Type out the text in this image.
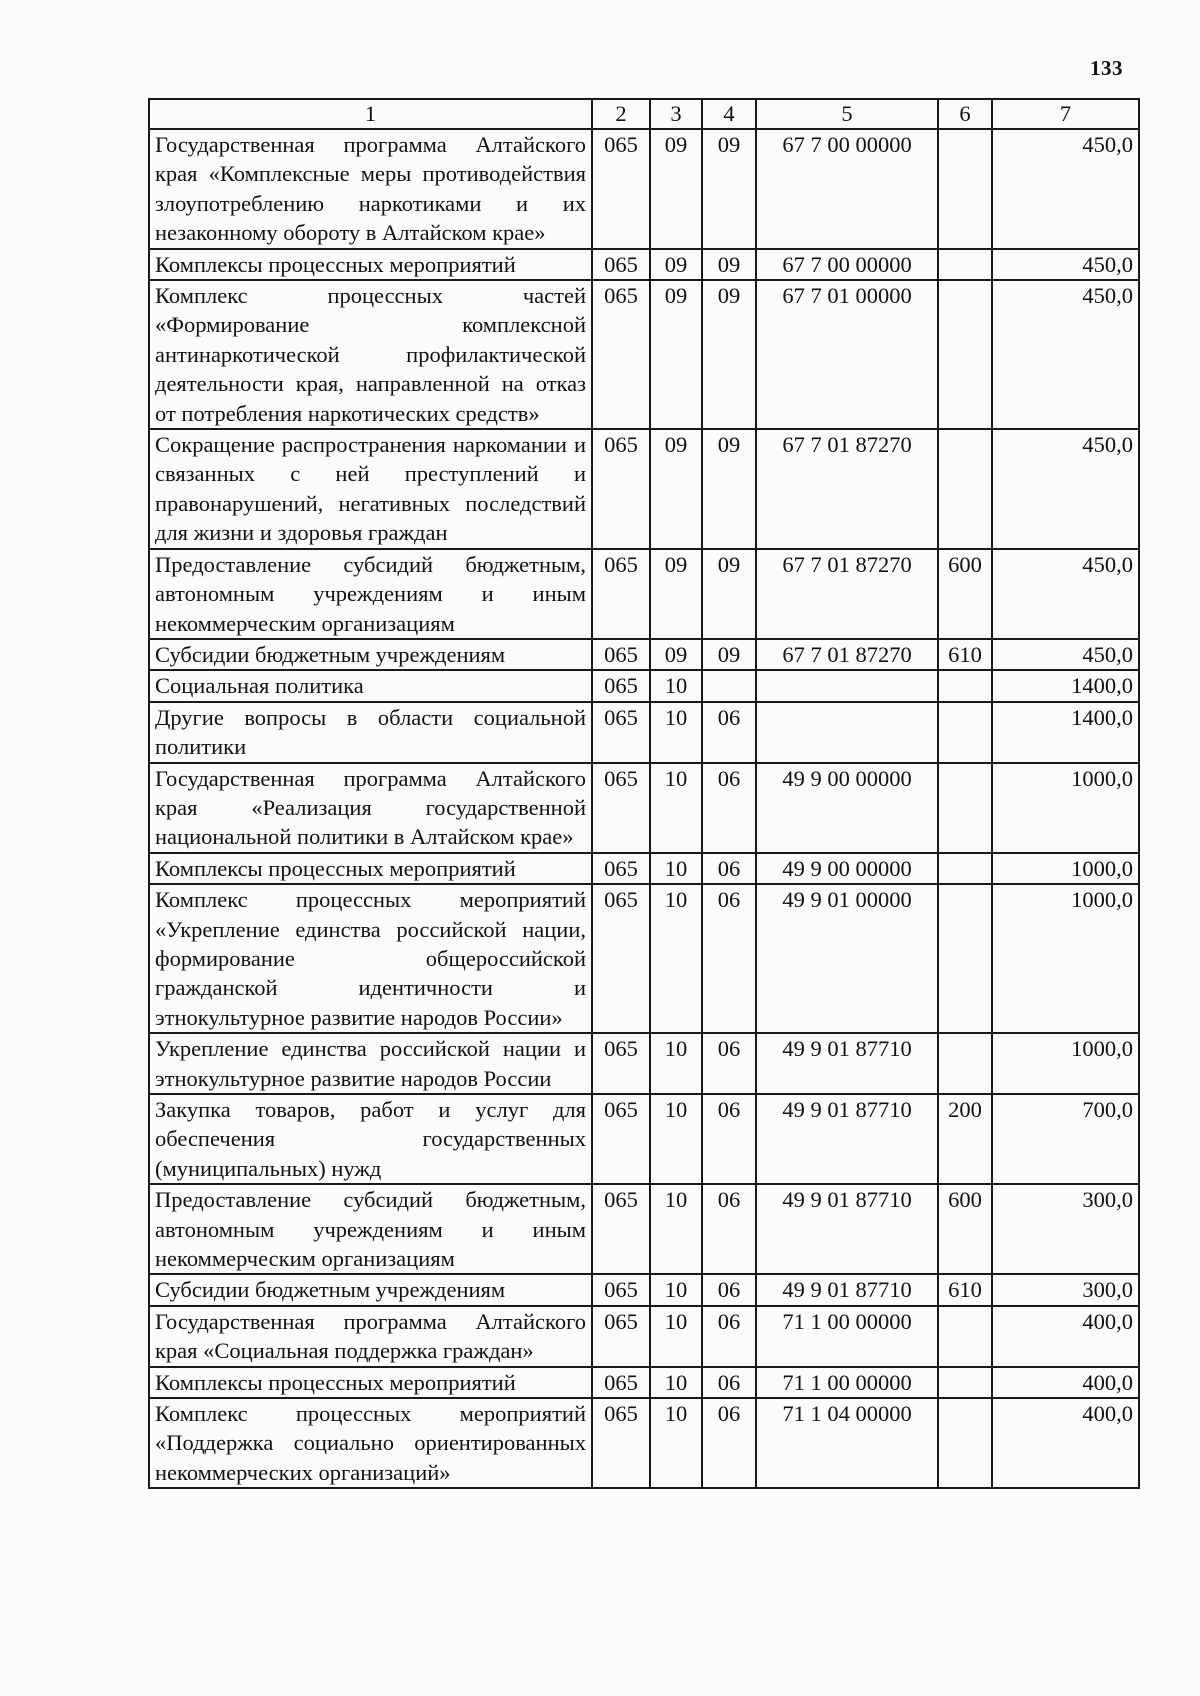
133
1	2	3	4	5	6	7
Государственная программа Алтайского края «Комплексные меры противодействия злоупотреблению наркотиками и их незаконному обороту в Алтайском крае»	065	09	09	67 7 00 00000		450,0
Комплексы процессных мероприятий	065	09	09	67 7 00 00000		450,0
Комплекс процессных частей «Формирование комплексной антинаркотической профилактической деятельности края, направленной на отказ от потребления наркотических средств»	065	09	09	67 7 01 00000		450,0
Сокращение распространения наркомании и связанных с ней преступлений и правонарушений, негативных последствий для жизни и здоровья граждан	065	09	09	67 7 01 87270		450,0
Предоставление субсидий бюджетным, автономным учреждениям и иным некоммерческим организациям	065	09	09	67 7 01 87270	600	450,0
Субсидии бюджетным учреждениям	065	09	09	67 7 01 87270	610	450,0
Социальная политика	065	10				1400,0
Другие вопросы в области социальной политики	065	10	06			1400,0
Государственная программа Алтайского края «Реализация государственной национальной политики в Алтайском крае»	065	10	06	49 9 00 00000		1000,0
Комплексы процессных мероприятий	065	10	06	49 9 00 00000		1000,0
Комплекс процессных мероприятий «Укрепление единства российской нации, формирование общероссийской гражданской идентичности и этнокультурное развитие народов России»	065	10	06	49 9 01 00000		1000,0
Укрепление единства российской нации и этнокультурное развитие народов России	065	10	06	49 9 01 87710		1000,0
Закупка товаров, работ и услуг для обеспечения государственных (муниципальных) нужд	065	10	06	49 9 01 87710	200	700,0
Предоставление субсидий бюджетным, автономным учреждениям и иным некоммерческим организациям	065	10	06	49 9 01 87710	600	300,0
Субсидии бюджетным учреждениям	065	10	06	49 9 01 87710	610	300,0
Государственная программа Алтайского края «Социальная поддержка граждан»	065	10	06	71 1 00 00000		400,0
Комплексы процессных мероприятий	065	10	06	71 1 00 00000		400,0
Комплекс процессных мероприятий «Поддержка социально ориентированных некоммерческих организаций»	065	10	06	71 1 04 00000		400,0
